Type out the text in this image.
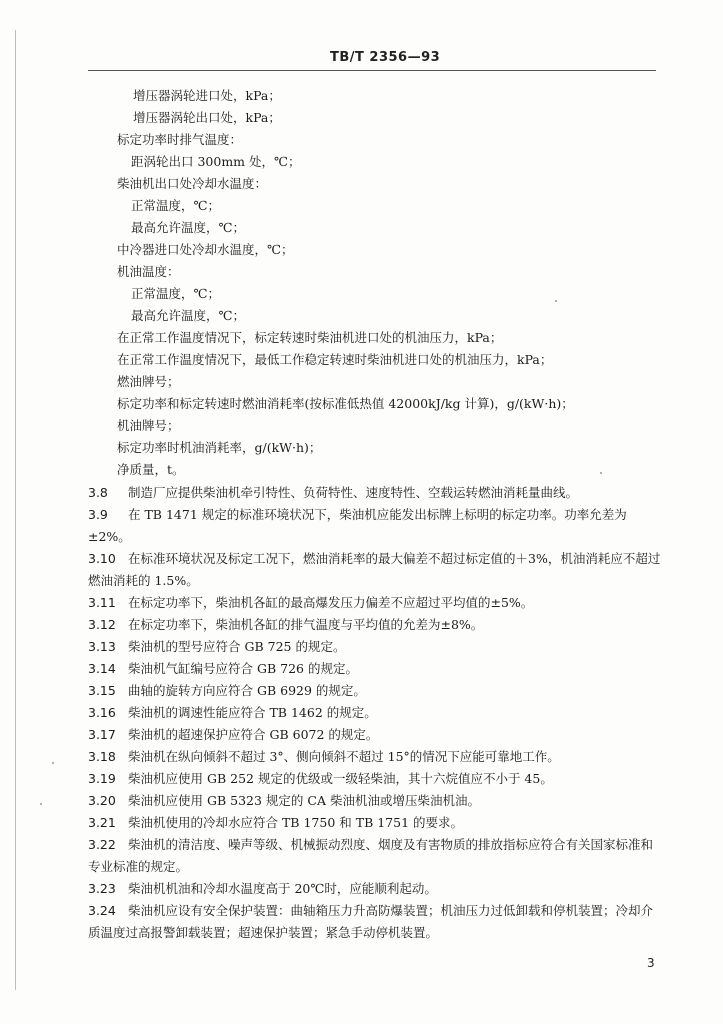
TB/T 2356—93
增压器涡轮进口处，kPa；
增压器涡轮出口处，kPa；
标定功率时排气温度：
距涡轮出口 300mm 处，℃；
柴油机出口处冷却水温度：
正常温度，℃；
最高允许温度，℃；
中冷器进口处冷却水温度，℃；
机油温度：
正常温度，℃；
最高允许温度，℃；
在正常工作温度情况下，标定转速时柴油机进口处的机油压力，kPa；
在正常工作温度情况下，最低工作稳定转速时柴油机进口处的机油压力，kPa；
燃油牌号；
标定功率和标定转速时燃油消耗率(按标准低热值 42000kJ/kg 计算)，g/(kW·h)；
机油牌号；
标定功率时机油消耗率，g/(kW·h)；
净质量，t。
3.8 制造厂应提供柴油机牵引特性、负荷特性、速度特性、空载运转燃油消耗量曲线。
3.9 在 TB 1471 规定的标准环境状况下，柴油机应能发出标牌上标明的标定功率。功率允差为±2%。
3.10 在标准环境状况及标定工况下，燃油消耗率的最大偏差不超过标定值的＋3%，机油消耗应不超过燃油消耗的 1.5%。
3.11 在标定功率下，柴油机各缸的最高爆发压力偏差不应超过平均值的±5%。
3.12 在标定功率下，柴油机各缸的排气温度与平均值的允差为±8%。
3.13 柴油机的型号应符合 GB 725 的规定。
3.14 柴油机气缸编号应符合 GB 726 的规定。
3.15 曲轴的旋转方向应符合 GB 6929 的规定。
3.16 柴油机的调速性能应符合 TB 1462 的规定。
3.17 柴油机的超速保护应符合 GB 6072 的规定。
3.18 柴油机在纵向倾斜不超过 3°、侧向倾斜不超过 15°的情况下应能可靠地工作。
3.19 柴油机应使用 GB 252 规定的优级或一级轻柴油，其十六烷值应不小于 45。
3.20 柴油机应使用 GB 5323 规定的 CA 柴油机油或增压柴油机油。
3.21 柴油机使用的冷却水应符合 TB 1750 和 TB 1751 的要求。
3.22 柴油机的清洁度、噪声等级、机械振动烈度、烟度及有害物质的排放指标应符合有关国家标准和专业标准的规定。
3.23 柴油机机油和冷却水温度高于 20℃时，应能顺利起动。
3.24 柴油机应设有安全保护装置：曲轴箱压力升高防爆装置；机油压力过低卸载和停机装置；冷却介质温度过高报警卸载装置；超速保护装置；紧急手动停机装置。
3
